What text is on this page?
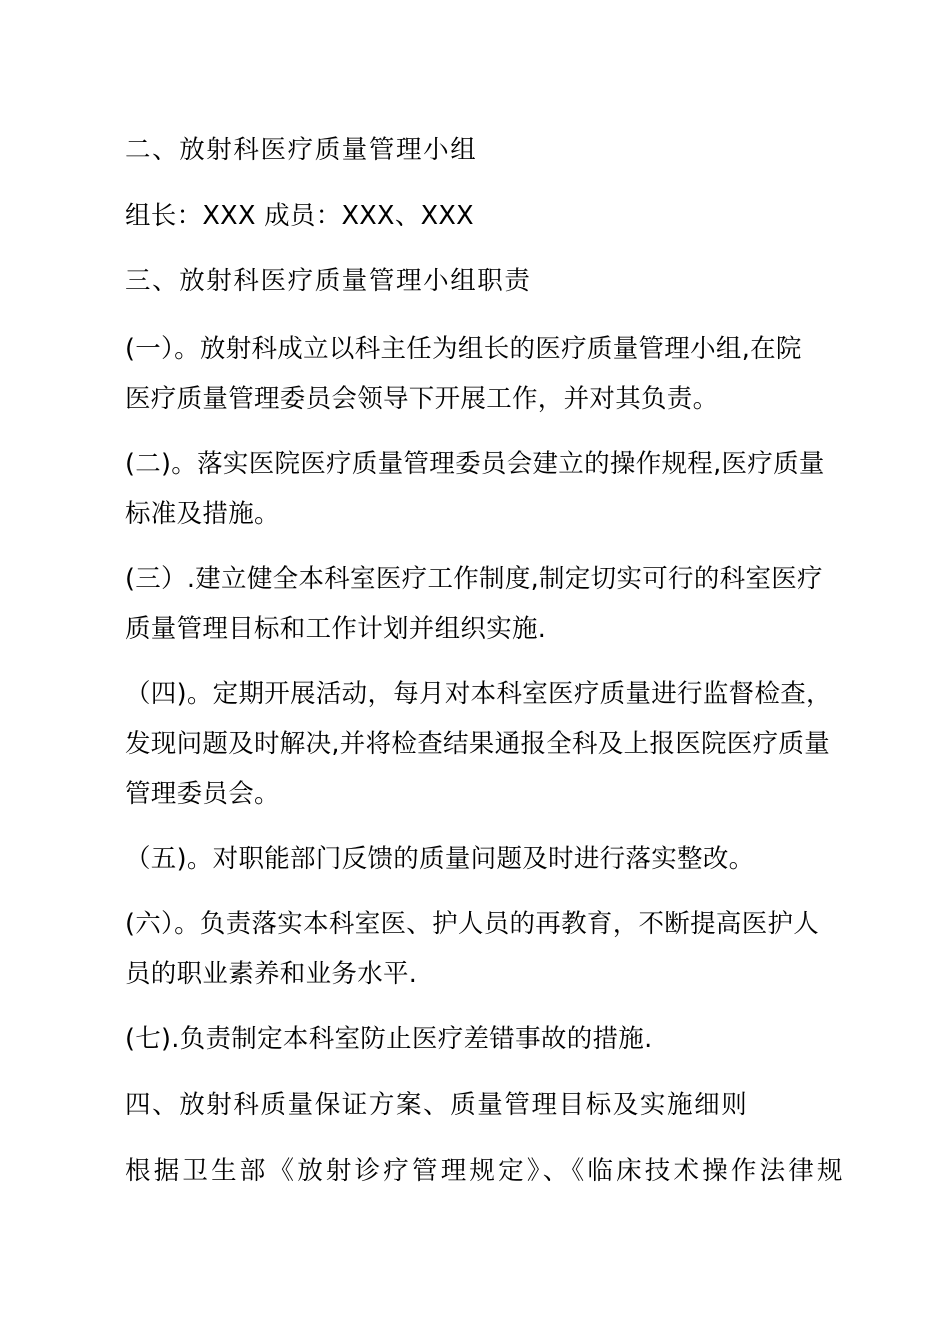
二、放射科医疗质量管理小组
组长：XXX 成员：XXX、XXX
三、放射科医疗质量管理小组职责
(一）。放射科成立以科主任为组长的医疗质量管理小组,在院
医疗质量管理委员会领导下开展工作，并对其负责。
(二)。落实医院医疗质量管理委员会建立的操作规程,医疗质量
标准及措施。
(三）.建立健全本科室医疗工作制度,制定切实可行的科室医疗
质量管理目标和工作计划并组织实施.
（四)。定期开展活动，每月对本科室医疗质量进行监督检查，
发现问题及时解决,并将检查结果通报全科及上报医院医疗质量
管理委员会。
（五)。对职能部门反馈的质量问题及时进行落实整改。
(六）。负责落实本科室医、护人员的再教育，不断提高医护人
员的职业素养和业务水平.
(七).负责制定本科室防止医疗差错事故的措施.
四、放射科质量保证方案、质量管理目标及实施细则
根据卫生部《放射诊疗管理规定》、《临床技术操作法律规
